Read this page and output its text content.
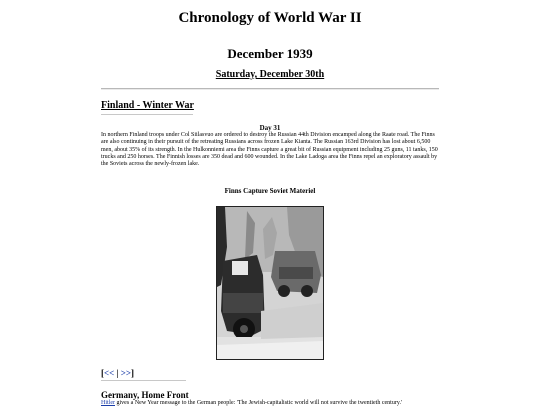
Chronology of World War II
December 1939
Saturday, December 30th
Finland - Winter War
Day 31
In northern Finland troops under Col Siilasvuo are ordered to destroy the Russian 44th Division encamped along the Raate road. The Finns are also continuing in their pursuit of the retreating Russians across frozen Lake Kianta. The Russian 163rd Division has lost about 6,500 men, about 35% of its strength. In the Hulkonniemi area the Finns capture a great bit of Russian equipment including 25 guns, 11 tanks, 150 trucks and 250 horses. The Finnish losses are 350 dead and 600 wounded. In the Lake Ladoga area the Finns repel an exploratory assault by the Soviets across the newly-frozen lake.
Finns Capture Soviet Materiel
[<< | >>]
Germany, Home Front
Hitler gives a New Year message to the German people: 'The Jewish-capitalistic world will not survive the twentieth century.'
